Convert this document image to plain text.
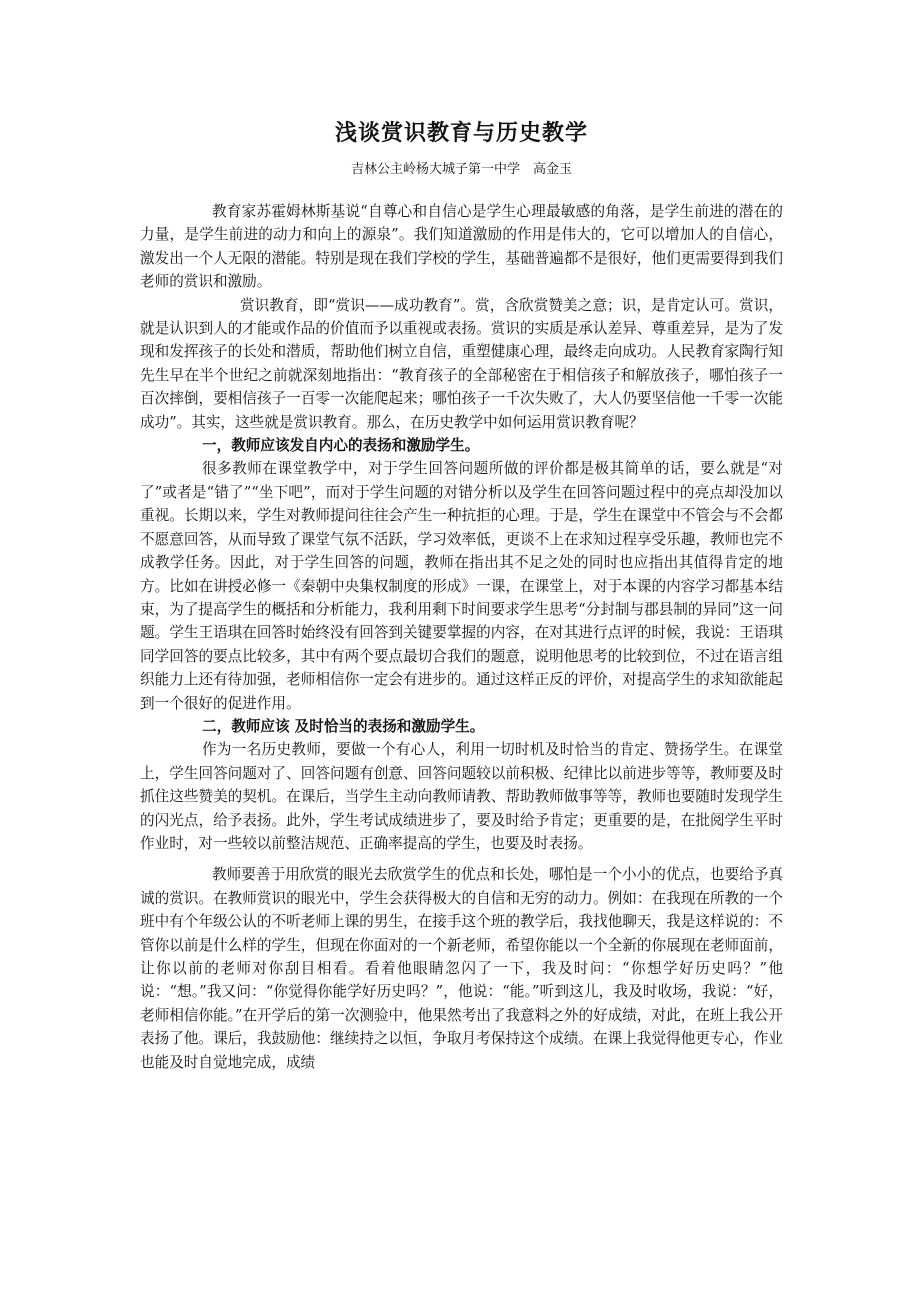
浅谈赏识教育与历史教学
吉林公主岭杨大城子第一中学　高金玉

教育家苏霍姆林斯基说“自尊心和自信心是学生心理最敏感的角落，是学生前进的潜在的力量，是学生前进的动力和向上的源泉”。我们知道激励的作用是伟大的，它可以增加人的自信心，激发出一个人无限的潜能。特别是现在我们学校的学生，基础普遍都不是很好，他们更需要得到我们老师的赏识和激励。

赏识教育，即“赏识——成功教育”。赏，含欣赏赞美之意；识，是肯定认可。赏识，就是认识到人的才能或作品的价值而予以重视或表扬。赏识的实质是承认差异、尊重差异，是为了发现和发挥孩子的长处和潜质，帮助他们树立自信，重塑健康心理，最终走向成功。人民教育家陶行知先生早在半个世纪之前就深刻地指出：“教育孩子的全部秘密在于相信孩子和解放孩子，哪怕孩子一百次摔倒，要相信孩子一百零一次能爬起来；哪怕孩子一千次失败了，大人仍要坚信他一千零一次能成功”。其实，这些就是赏识教育。那么，在历史教学中如何运用赏识教育呢？

一，教师应该发自内心的表扬和激励学生。

很多教师在课堂教学中，对于学生回答问题所做的评价都是极其简单的话，要么就是“对了”或者是“错了”“坐下吧”，而对于学生问题的对错分析以及学生在回答问题过程中的亮点却没加以重视。长期以来，学生对教师提问往往会产生一种抗拒的心理。于是，学生在课堂中不管会与不会都不愿意回答，从而导致了课堂气氛不活跃，学习效率低，更谈不上在求知过程享受乐趣，教师也完不成教学任务。因此，对于学生回答的问题，教师在指出其不足之处的同时也应指出其值得肯定的地方。比如在讲授必修一《秦朝中央集权制度的形成》一课，在课堂上，对于本课的内容学习都基本结束，为了提高学生的概括和分析能力，我利用剩下时间要求学生思考“分封制与郡县制的异同”这一问题。学生王语琪在回答时始终没有回答到关键要掌握的内容，在对其进行点评的时候，我说：王语琪同学回答的要点比较多，其中有两个要点最切合我们的题意，说明他思考的比较到位，不过在语言组织能力上还有待加强，老师相信你一定会有进步的。通过这样正反的评价，对提高学生的求知欲能起到一个很好的促进作用。

二，教师应该 及时恰当的表扬和激励学生。

作为一名历史教师，要做一个有心人，利用一切时机及时恰当的肯定、赞扬学生。在课堂上，学生回答问题对了、回答问题有创意、回答问题较以前积极、纪律比以前进步等等，教师要及时抓住这些赞美的契机。在课后，当学生主动向教师请教、帮助教师做事等等，教师也要随时发现学生的闪光点，给予表扬。此外，学生考试成绩进步了，要及时给予肯定；更重要的是，在批阅学生平时作业时，对一些较以前整洁规范、正确率提高的学生，也要及时表扬。

教师要善于用欣赏的眼光去欣赏学生的优点和长处，哪怕是一个小小的优点，也要给予真诚的赏识。在教师赏识的眼光中，学生会获得极大的自信和无穷的动力。例如：在我现在所教的一个班中有个年级公认的不听老师上课的男生，在接手这个班的教学后，我找他聊天，我是这样说的：不管你以前是什么样的学生，但现在你面对的一个新老师，希望你能以一个全新的你展现在老师面前，让你以前的老师对你刮目相看。看着他眼睛忽闪了一下，我及时问：“你想学好历史吗？”他说：“想。”我又问：“你觉得你能学好历史吗？”，他说：“能。”听到这儿，我及时收场，我说：“好，老师相信你能。”在开学后的第一次测验中，他果然考出了我意料之外的好成绩，对此，在班上我公开表扬了他。课后，我鼓励他：继续持之以恒，争取月考保持这个成绩。在课上我觉得他更专心，作业也能及时自觉地完成，成绩
